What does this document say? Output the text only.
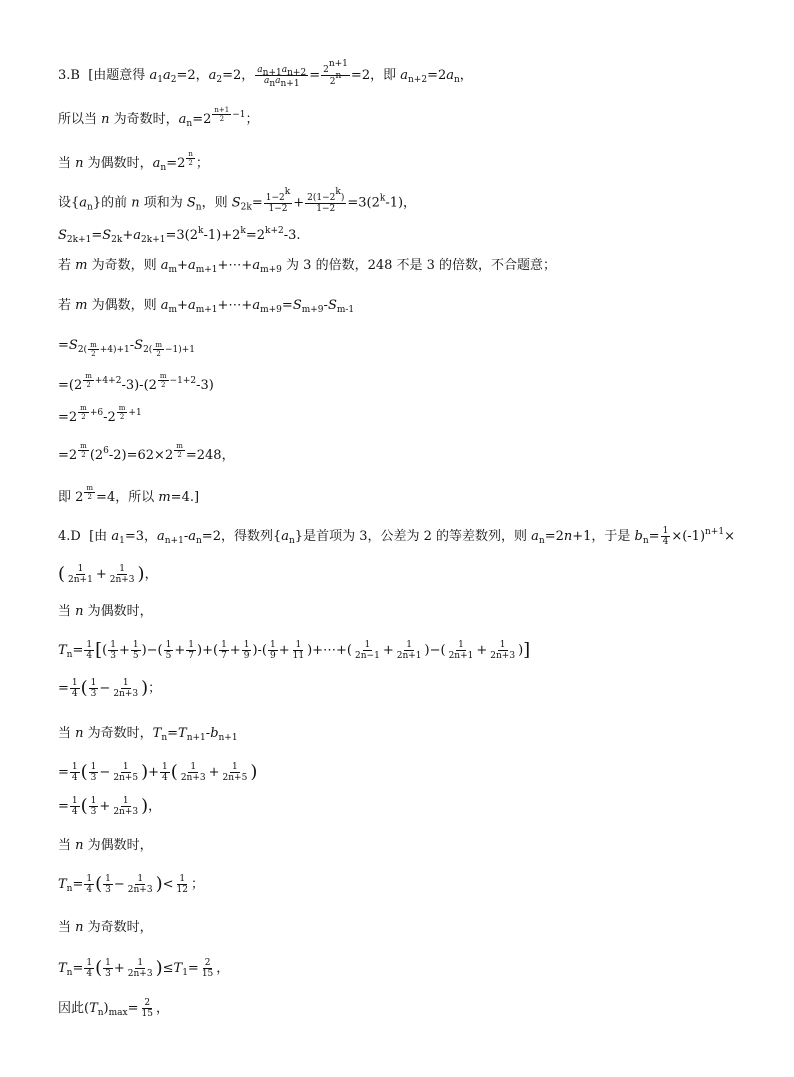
3.B  [由题意得 $a_1a_2=2$，$a_2=2$， $\frac{a_{n+1}a_{n+2}}{a_na_{n+1}} = \frac{2^{n+1}}{2^n} =2$，即 $a_{n+2}=2a_n$，
所以当 n 为奇数时，$a_n=2$ $^{\frac{n+1}{2} -1}$；
当 n 为偶数时，$a_n=2$ $^{\frac{n}{2}}$ ；
设$\{a_n\}$的前 n 项和为 $S_n$，则 $S_{2k}= \frac{1-2^k}{1-2} + \frac{2(1-2^k)}{1-2} =3(2^k-1)$，
$S_{2k+1}=S_{2k}+a_{2k+1}=3(2^k-1)+2^k=2^{k+2}-3$.
若 m 为奇数，则 $a_m+a_{m+1}+\cdots+a_{m+9}$ 为 3 的倍数，248 不是 3 的倍数，不合题意；
若 m 为偶数，则 $a_m+a_{m+1}+\cdots+a_{m+9}=S_{m+9}-S_{m-1}$
$=S_{2( \frac{m}{2} +4)+1}-S_{2( \frac{m}{2} -1)+1}$
=(2 $^{\frac{m}{2} +4+2}$-3)-(2 $^{\frac{m}{2} -1+2}$-3)
=2 $^{\frac{m}{2} +6}$-2 $^{\frac{m}{2} +1}$
=2 $^{\frac{m}{2}}$ $(2^6-2)=62\times 2$ $^{\frac{m}{2}}$ =248，
即 2 $^{\frac{m}{2}}$ =4，所以 m=4.]
4.D  [由 $a_1=3$，$a_{n+1}-a_n=2$，得数列$\{a_n\}$是首项为 3，公差为 2 的等差数列，则 $a_n=2n+1$，于是 $b_n= \frac{1}{4} \times(-1)^{n+1}\times$
( $\frac{1}{2n+1} + \frac{1}{2n+3}$ )，
当 n 为偶数时，
$T_n= \frac{1}{4}$ [( $\frac{1}{3} + \frac{1}{5}$ )−( $\frac{1}{5} + \frac{1}{7}$ )+( $\frac{1}{7} + \frac{1}{9}$ )-( $\frac{1}{9} + \frac{1}{11}$ )+⋯+( $\frac{1}{2n-1} + \frac{1}{2n+1}$ )−( $\frac{1}{2n+1} + \frac{1}{2n+3}$ )]
= $\frac{1}{4}$ ( $\frac{1}{3} - \frac{1}{2n+3}$ )；
当 n 为奇数时，$T_n=T_{n+1}-b_{n+1}$
= $\frac{1}{4}$ ( $\frac{1}{3} - \frac{1}{2n+5}$ )+ $\frac{1}{4}$ ( $\frac{1}{2n+3} + \frac{1}{2n+5}$ )
= $\frac{1}{4}$ ( $\frac{1}{3} + \frac{1}{2n+3}$ )，
当 n 为偶数时，
$T_n= \frac{1}{4}$ ( $\frac{1}{3} - \frac{1}{2n+3}$ )< $\frac{1}{12}$ ；
当 n 为奇数时，
$T_n= \frac{1}{4}$ ( $\frac{1}{3} + \frac{1}{2n+3} )\le T_1= \frac{2}{15}$ ，
因此$(T_n)_{max}= \frac{2}{15}$ ，
